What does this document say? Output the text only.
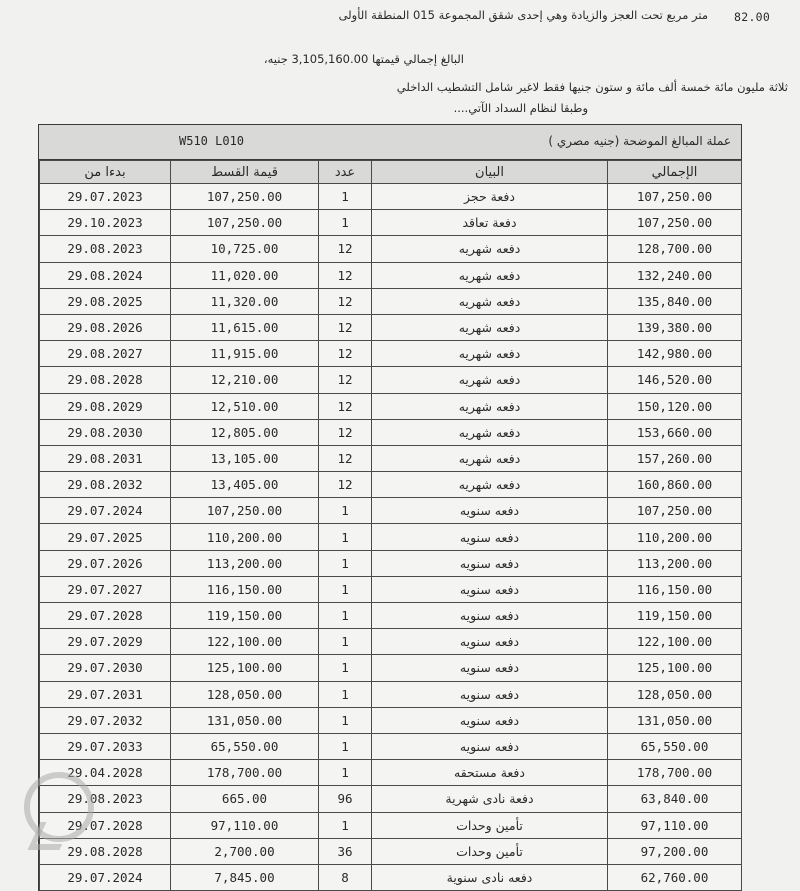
82.00
متر مربع تحت العجز والزيادة وهي إحدى شقق المجموعة 015 المنطقة الأولى
البالغ إجمالي قيمتها 3,105,160.00 جنيه،
ثلاثة مليون مائة خمسة ألف مائة و ستون جنيها فقط لاغير شامل التشطيب الداخلي
وطبقا لنظام السداد الآتي....
W510 L010	عملة المبالغ الموضحة (جنيه مصري )
بدءا من	قيمة القسط	عدد	البيان	الإجمالي
29.07.2023	107,250.00	1	دفعة حجز	107,250.00
29.10.2023	107,250.00	1	دفعة تعاقد	107,250.00
29.08.2023	10,725.00	12	دفعه شهريه	128,700.00
29.08.2024	11,020.00	12	دفعه شهريه	132,240.00
29.08.2025	11,320.00	12	دفعه شهريه	135,840.00
29.08.2026	11,615.00	12	دفعه شهريه	139,380.00
29.08.2027	11,915.00	12	دفعه شهريه	142,980.00
29.08.2028	12,210.00	12	دفعه شهريه	146,520.00
29.08.2029	12,510.00	12	دفعه شهريه	150,120.00
29.08.2030	12,805.00	12	دفعه شهريه	153,660.00
29.08.2031	13,105.00	12	دفعه شهريه	157,260.00
29.08.2032	13,405.00	12	دفعه شهريه	160,860.00
29.07.2024	107,250.00	1	دفعه سنويه	107,250.00
29.07.2025	110,200.00	1	دفعه سنويه	110,200.00
29.07.2026	113,200.00	1	دفعه سنويه	113,200.00
29.07.2027	116,150.00	1	دفعه سنويه	116,150.00
29.07.2028	119,150.00	1	دفعه سنويه	119,150.00
29.07.2029	122,100.00	1	دفعه سنويه	122,100.00
29.07.2030	125,100.00	1	دفعه سنويه	125,100.00
29.07.2031	128,050.00	1	دفعه سنويه	128,050.00
29.07.2032	131,050.00	1	دفعه سنويه	131,050.00
29.07.2033	65,550.00	1	دفعه سنويه	65,550.00
29.04.2028	178,700.00	1	دفعة مستحقه	178,700.00
29.08.2023	665.00	96	دفعة نادى شهرية	63,840.00
29.07.2028	97,110.00	1	تأمين وحدات	97,110.00
29.08.2028	2,700.00	36	تأمين وحدات	97,200.00
29.07.2024	7,845.00	8	دفعه نادى سنوية	62,760.00
